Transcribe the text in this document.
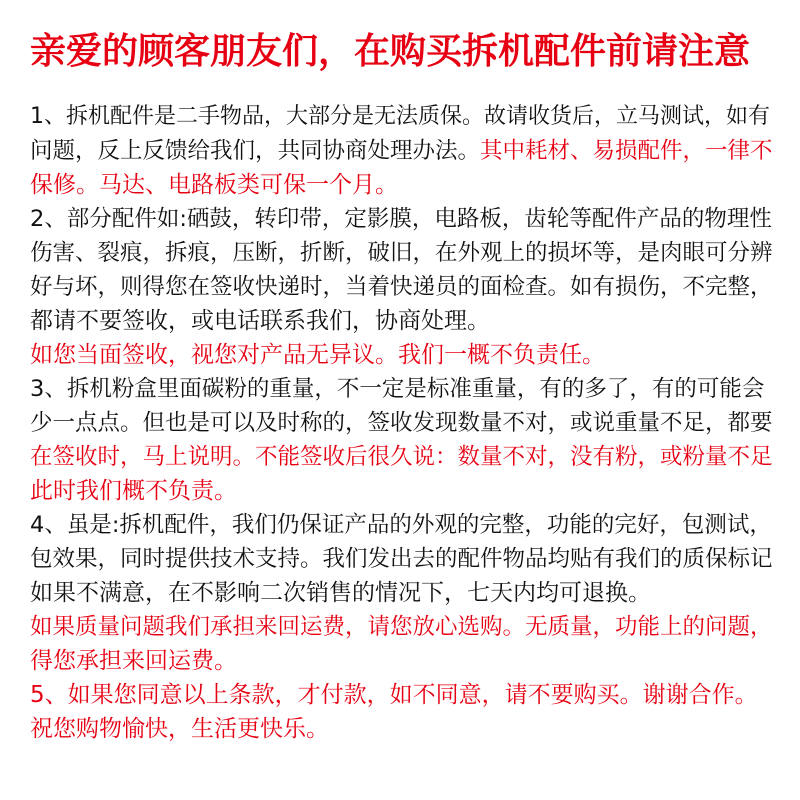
亲爱的顾客朋友们，在购买拆机配件前请注意
1、拆机配件是二手物品，大部分是无法质保。故请收货后，立马测试，如有
问题，反上反馈给我们，共同协商处理办法。其中耗材、易损配件，一律不
保修。马达、电路板类可保一个月。
2、部分配件如:硒鼓，转印带，定影膜，电路板，齿轮等配件产品的物理性
伤害、裂痕，拆痕，压断，折断，破旧，在外观上的损坏等，是肉眼可分辨
好与坏，则得您在签收快递时，当着快递员的面检查。如有损伤，不完整，
都请不要签收，或电话联系我们，协商处理。
如您当面签收，视您对产品无异议。我们一概不负责任。
3、拆机粉盒里面碳粉的重量，不一定是标准重量，有的多了，有的可能会
少一点点。但也是可以及时称的，签收发现数量不对，或说重量不足，都要
在签收时，马上说明。不能签收后很久说：数量不对，没有粉，或粉量不足
此时我们概不负责。
4、虽是:拆机配件，我们仍保证产品的外观的完整，功能的完好，包测试，
包效果，同时提供技术支持。我们发出去的配件物品均贴有我们的质保标记
如果不满意，在不影响二次销售的情况下，七天内均可退换。
如果质量问题我们承担来回运费，请您放心选购。无质量，功能上的问题，
得您承担来回运费。
5、如果您同意以上条款，才付款，如不同意，请不要购买。谢谢合作。
祝您购物愉快，生活更快乐。
